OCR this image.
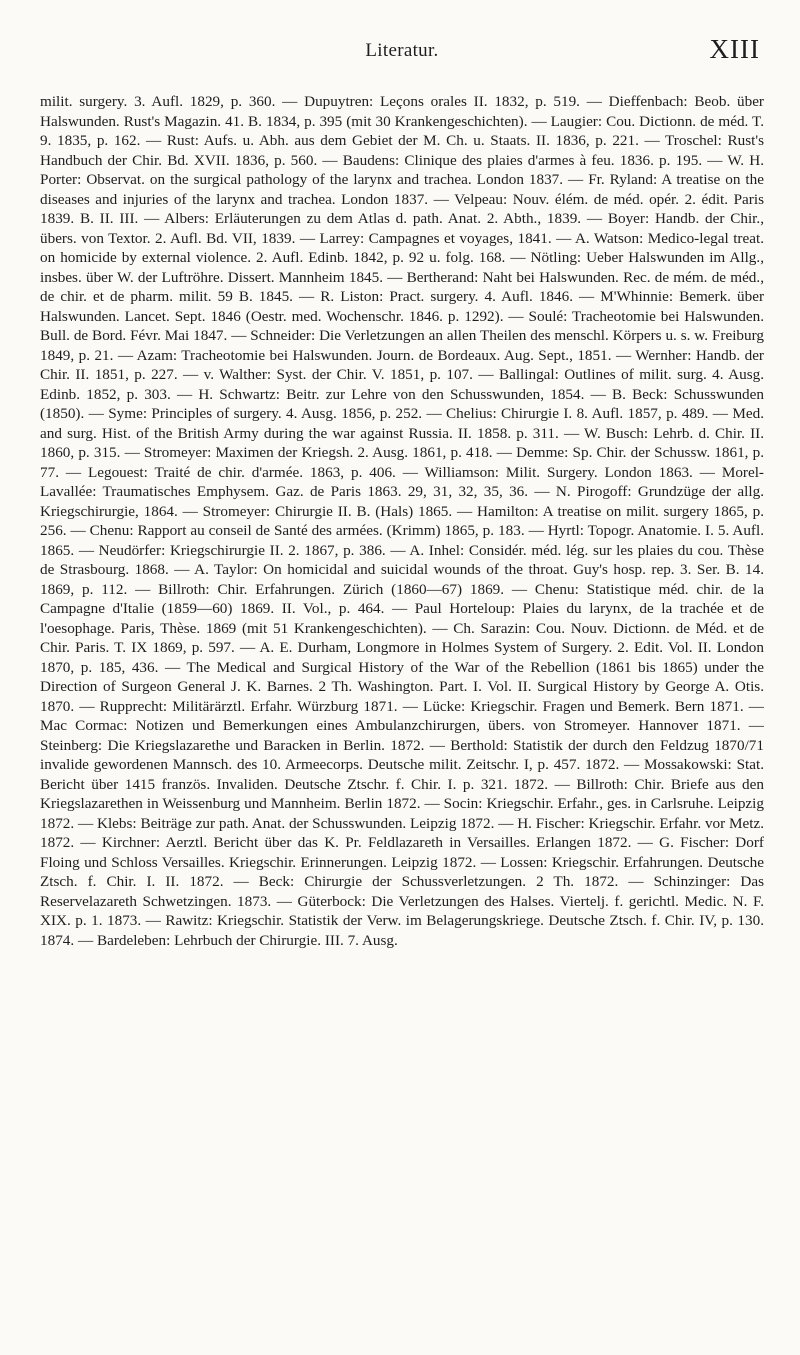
Literatur.	XIII

milit. surgery. 3. Aufl. 1829, p. 360. — Dupuytren: Leçons orales II. 1832, p. 519. — Dieffenbach: Beob. über Halswunden. Rust's Magazin. 41. B. 1834, p. 395 (mit 30 Krankengeschichten). — Laugier: Cou. Dictionn. de méd. T. 9. 1835, p. 162. — Rust: Aufs. u. Abh. aus dem Gebiet der M. Ch. u. Staats. II. 1836, p. 221. — Troschel: Rust's Handbuch der Chir. Bd. XVII. 1836, p. 560. — Baudens: Clinique des plaies d'armes à feu. 1836. p. 195. — W. H. Porter: Observat. on the surgical pathology of the larynx and trachea. London 1837. — Fr. Ryland: A treatise on the diseases and injuries of the larynx and trachea. London 1837. — Velpeau: Nouv. élém. de méd. opér. 2. édit. Paris 1839. B. II. III. — Albers: Erläuterungen zu dem Atlas d. path. Anat. 2. Abth., 1839. — Boyer: Handb. der Chir., übers. von Textor. 2. Aufl. Bd. VII, 1839. — Larrey: Campagnes et voyages, 1841. — A. Watson: Medico-legal treat. on homicide by external violence. 2. Aufl. Edinb. 1842, p. 92 u. folg. 168. — Nötling: Ueber Halswunden im Allg., insbes. über W. der Luftröhre. Dissert. Mannheim 1845. — Bertherand: Naht bei Halswunden. Rec. de mém. de méd., de chir. et de pharm. milit. 59 B. 1845. — R. Liston: Pract. surgery. 4. Aufl. 1846. — M'Whinnie: Bemerk. über Halswunden. Lancet. Sept. 1846 (Oestr. med. Wochenschr. 1846. p. 1292). — Soulé: Tracheotomie bei Halswunden. Bull. de Bord. Févr. Mai 1847. — Schneider: Die Verletzungen an allen Theilen des menschl. Körpers u. s. w. Freiburg 1849, p. 21. — Azam: Tracheotomie bei Halswunden. Journ. de Bordeaux. Aug. Sept., 1851. — Wernher: Handb. der Chir. II. 1851, p. 227. — v. Walther: Syst. der Chir. V. 1851, p. 107. — Ballingal: Outlines of milit. surg. 4. Ausg. Edinb. 1852, p. 303. — H. Schwartz: Beitr. zur Lehre von den Schusswunden, 1854. — B. Beck: Schusswunden (1850). — Syme: Principles of surgery. 4. Ausg. 1856, p. 252. — Chelius: Chirurgie I. 8. Aufl. 1857, p. 489. — Med. and surg. Hist. of the British Army during the war against Russia. II. 1858. p. 311. — W. Busch: Lehrb. d. Chir. II. 1860, p. 315. — Stromeyer: Maximen der Kriegsh. 2. Ausg. 1861, p. 418. — Demme: Sp. Chir. der Schussw. 1861, p. 77. — Legouest: Traité de chir. d'armée. 1863, p. 406. — Williamson: Milit. Surgery. London 1863. — Morel-Lavallée: Traumatisches Emphysem. Gaz. de Paris 1863. 29, 31, 32, 35, 36. — N. Pirogoff: Grundzüge der allg. Kriegschirurgie, 1864. — Stromeyer: Chirurgie II. B. (Hals) 1865. — Hamilton: A treatise on milit. surgery 1865, p. 256. — Chenu: Rapport au conseil de Santé des armées. (Krimm) 1865, p. 183. — Hyrtl: Topogr. Anatomie. I. 5. Aufl. 1865. — Neudörfer: Kriegschirurgie II. 2. 1867, p. 386. — A. Inhel: Considér. méd. lég. sur les plaies du cou. Thèse de Strasbourg. 1868. — A. Taylor: On homicidal and suicidal wounds of the throat. Guy's hosp. rep. 3. Ser. B. 14. 1869, p. 112. — Billroth: Chir. Erfahrungen. Zürich (1860—67) 1869. — Chenu: Statistique méd. chir. de la Campagne d'Italie (1859—60) 1869. II. Vol., p. 464. — Paul Horteloup: Plaies du larynx, de la trachée et de l'oesophage. Paris, Thèse. 1869 (mit 51 Krankengeschichten). — Ch. Sarazin: Cou. Nouv. Dictionn. de Méd. et de Chir. Paris. T. IX 1869, p. 597. — A. E. Durham, Longmore in Holmes System of Surgery. 2. Edit. Vol. II. London 1870, p. 185, 436. — The Medical and Surgical History of the War of the Rebellion (1861 bis 1865) under the Direction of Surgeon General J. K. Barnes. 2 Th. Washington. Part. I. Vol. II. Surgical History by George A. Otis. 1870. — Rupprecht: Militärärztl. Erfahr. Würzburg 1871. — Lücke: Kriegschir. Fragen und Bemerk. Bern 1871. — Mac Cormac: Notizen und Bemerkungen eines Ambulanzchirurgen, übers. von Stromeyer. Hannover 1871. — Steinberg: Die Kriegslazarethe und Baracken in Berlin. 1872. — Berthold: Statistik der durch den Feldzug 1870/71 invalide gewordenen Mannsch. des 10. Armeecorps. Deutsche milit. Zeitschr. I, p. 457. 1872. — Mossakowski: Stat. Bericht über 1415 französ. Invaliden. Deutsche Ztschr. f. Chir. I. p. 321. 1872. — Billroth: Chir. Briefe aus den Kriegslazarethen in Weissenburg und Mannheim. Berlin 1872. — Socin: Kriegschir. Erfahr., ges. in Carlsruhe. Leipzig 1872. — Klebs: Beiträge zur path. Anat. der Schusswunden. Leipzig 1872. — H. Fischer: Kriegschir. Erfahr. vor Metz. 1872. — Kirchner: Aerztl. Bericht über das K. Pr. Feldlazareth in Versailles. Erlangen 1872. — G. Fischer: Dorf Floing und Schloss Versailles. Kriegschir. Erinnerungen. Leipzig 1872. — Lossen: Kriegschir. Erfahrungen. Deutsche Ztsch. f. Chir. I. II. 1872. — Beck: Chirurgie der Schussverletzungen. 2 Th. 1872. — Schinzinger: Das Reservelazareth Schwetzingen. 1873. — Güterbock: Die Verletzungen des Halses. Viertelj. f. gerichtl. Medic. N. F. XIX. p. 1. 1873. — Rawitz: Kriegschir. Statistik der Verw. im Belagerungskriege. Deutsche Ztsch. f. Chir. IV, p. 130. 1874. — Bardeleben: Lehrbuch der Chirurgie. III. 7. Ausg.
